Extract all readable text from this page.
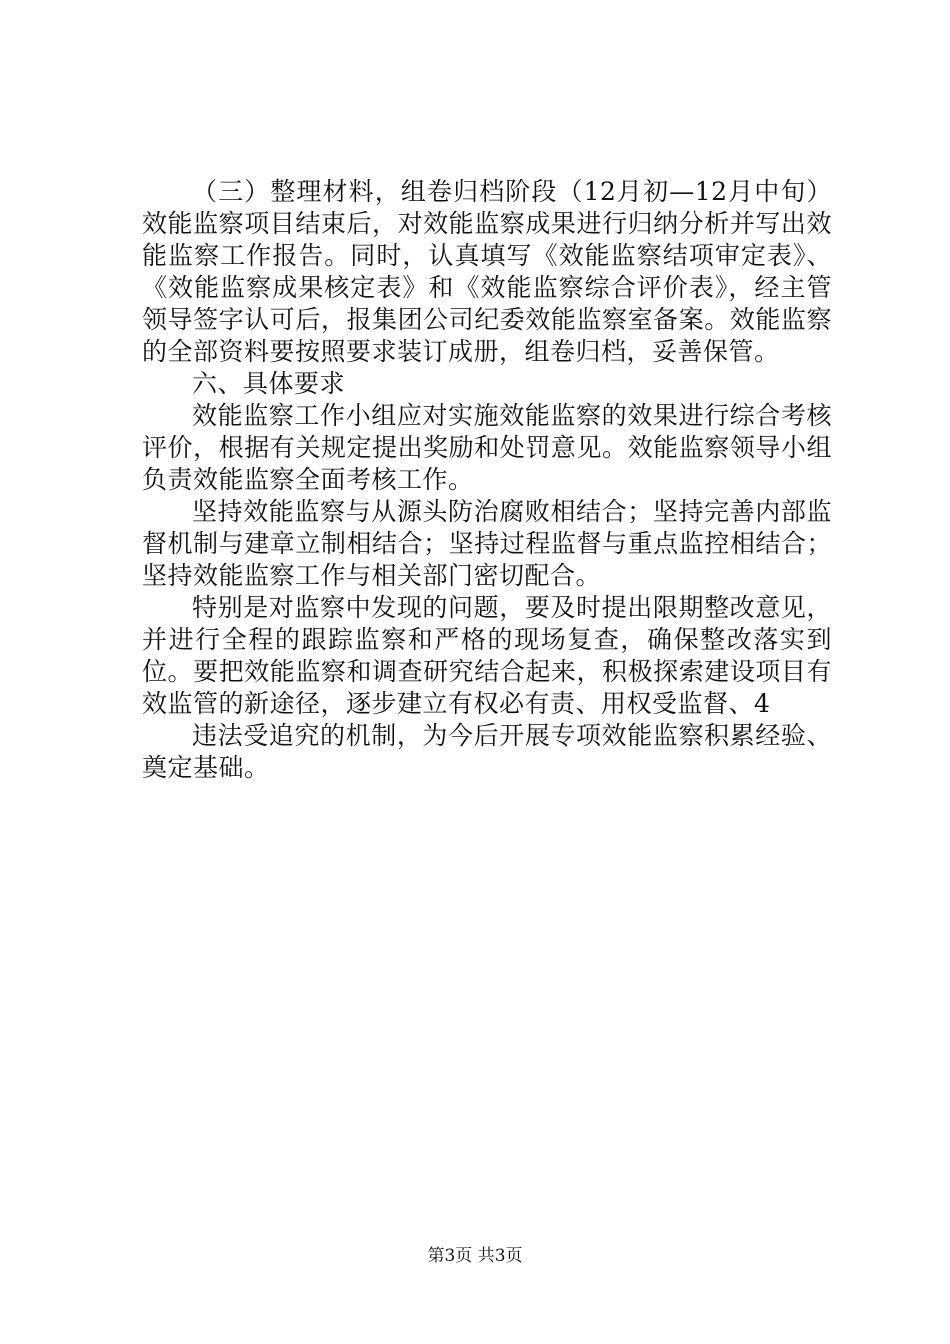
（三）整理材料，组卷归档阶段（12月初—12月中旬）效能监察项目结束后，对效能监察成果进行归纳分析并写出效能监察工作报告。同时，认真填写《效能监察结项审定表》、《效能监察成果核定表》和《效能监察综合评价表》，经主管领导签字认可后，报集团公司纪委效能监察室备案。效能监察的全部资料要按照要求装订成册，组卷归档，妥善保管。

六、具体要求

效能监察工作小组应对实施效能监察的效果进行综合考核评价，根据有关规定提出奖励和处罚意见。效能监察领导小组负责效能监察全面考核工作。

坚持效能监察与从源头防治腐败相结合；坚持完善内部监督机制与建章立制相结合；坚持过程监督与重点监控相结合；坚持效能监察工作与相关部门密切配合。

特别是对监察中发现的问题，要及时提出限期整改意见，并进行全程的跟踪监察和严格的现场复查，确保整改落实到位。要把效能监察和调查研究结合起来，积极探索建设项目有效监管的新途径，逐步建立有权必有责、用权受监督、4

违法受追究的机制，为今后开展专项效能监察积累经验、奠定基础。

第3页 共3页
